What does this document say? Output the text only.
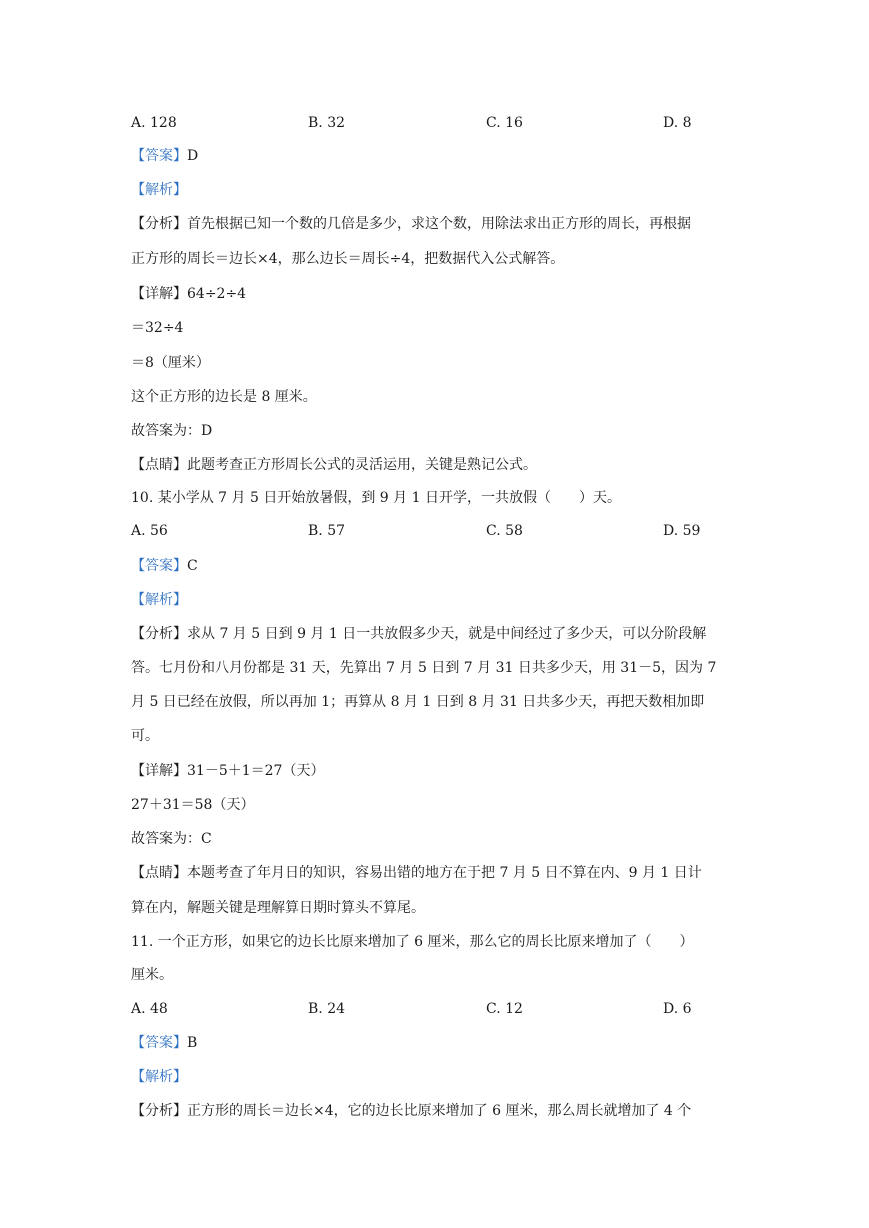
A. 128	B. 32	C. 16	D. 8

【答案】D

【解析】

【分析】首先根据已知一个数的几倍是多少，求这个数，用除法求出正方形的周长，再根据

正方形的周长＝边长×4，那么边长＝周长÷4，把数据代入公式解答。

【详解】64÷2÷4

＝32÷4

＝8（厘米）

这个正方形的边长是 8 厘米。

故答案为：D

【点睛】此题考查正方形周长公式的灵活运用，关键是熟记公式。

10. 某小学从 7 月 5 日开始放暑假，到 9 月 1 日开学，一共放假（　　）天。

A. 56	B. 57	C. 58	D. 59

【答案】C

【解析】

【分析】求从 7 月 5 日到 9 月 1 日一共放假多少天，就是中间经过了多少天，可以分阶段解

答。七月份和八月份都是 31 天，先算出 7 月 5 日到 7 月 31 日共多少天，用 31－5，因为 7

月 5 日已经在放假，所以再加 1；再算从 8 月 1 日到 8 月 31 日共多少天，再把天数相加即

可。

【详解】31－5＋1＝27（天）

27＋31＝58（天）

故答案为：C

【点睛】本题考查了年月日的知识，容易出错的地方在于把 7 月 5 日不算在内、9 月 1 日计

算在内，解题关键是理解算日期时算头不算尾。

11. 一个正方形，如果它的边长比原来增加了 6 厘米，那么它的周长比原来增加了（　　）

厘米。

A. 48	B. 24	C. 12	D. 6

【答案】B

【解析】

【分析】正方形的周长＝边长×4，它的边长比原来增加了 6 厘米，那么周长就增加了 4 个
